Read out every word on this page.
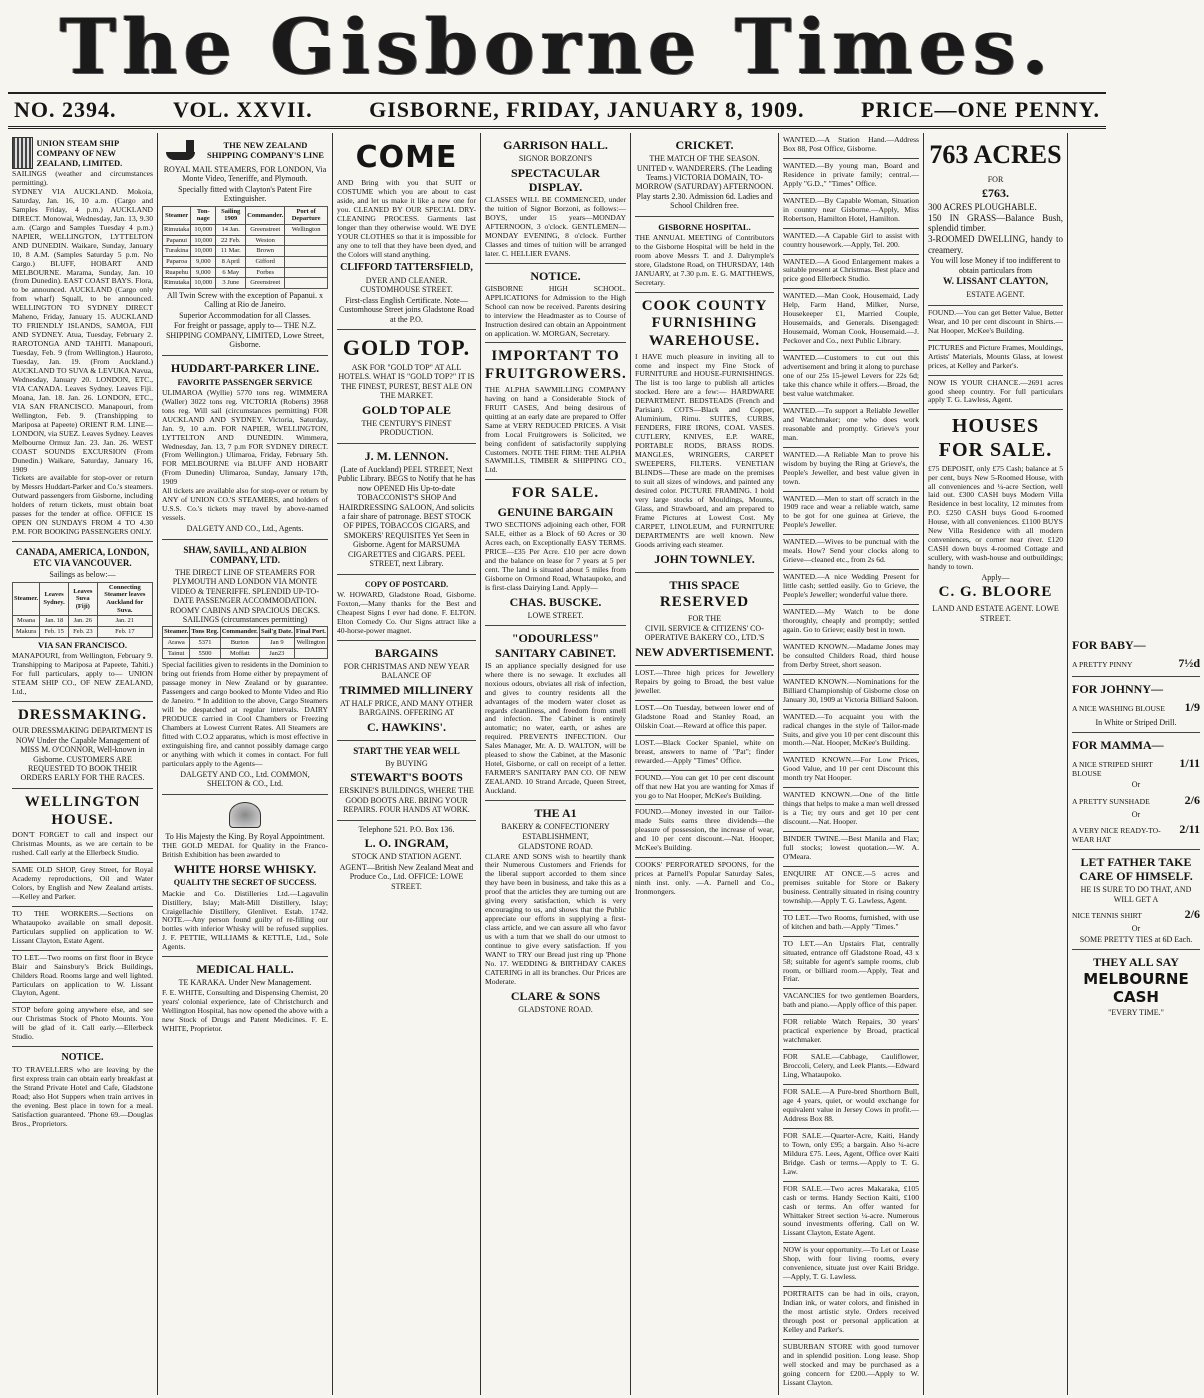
The Gisborne Times.
NO. 2394.	VOL. XXVII.	GISBORNE, FRIDAY, JANUARY 8, 1909.	PRICE—ONE PENNY.
UNION STEAM SHIP COMPANY OF NEW ZEALAND, LIMITED.
SAILINGS (weather and circumstances permitting).
SYDNEY VIA AUCKLAND. Mokoia, Saturday, Jan. 16, 10 a.m. (Cargo and Samples Friday, 4 p.m.) AUCKLAND DIRECT. Monowai, Wednesday, Jan. 13, 9.30 a.m. (Cargo and Samples Tuesday 4 p.m.) NAPIER, WELLINGTON, LYTTELTON AND DUNEDIN. Waikare, Sunday, January 10, 8 A.M. (Samples Saturday 5 p.m. No Cargo.) BLUFF, HOBART AND MELBOURNE. Marama, Sunday, Jan. 10 (from Dunedin). EAST COAST BAYS. Flora, to be announced. AUCKLAND (Cargo only from wharf) Squall, to be announced. WELLINGTON TO SYDNEY DIRECT Maheno, Friday, January 15. AUCKLAND TO FRIENDLY ISLANDS, SAMOA, FIJI AND SYDNEY. Atua, Tuesday, February 2. RAROTONGA AND TAHITI. Manapouri, Tuesday, Feb. 9 (from Wellington.) Hauroto, Tuesday, Jan. 19. (From Auckland.) AUCKLAND TO SUVA & LEVUKA Navua, Wednesday, January 20. LONDON, ETC., VIA CANADA. Leaves Sydney. Leaves Fiji. Moana, Jan. 18. Jan. 26. LONDON, ETC., VIA SAN FRANCISCO. Manapouri, from Wellington, Feb. 9. (Transhipping to Mariposa at Papeete) ORIENT R.M. LINE—LONDON, via SUEZ. Leaves Sydney. Leaves Melbourne Ormuz Jan. 23. Jan. 26. WEST COAST SOUNDS EXCURSION (From Dunedin.) Waikare, Saturday, January 16, 1909
Tickets are available for stop-over or return by Messrs Huddart-Parker and Co.'s steamers. Outward passengers from Gisborne, including holders of return tickets, must obtain boat passes for the tender at office. OFFICE IS OPEN ON SUNDAYS FROM 4 TO 4.30 P.M. FOR BOOKING PASSENGERS ONLY.
CANADA, AMERICA, LONDON, ETC VIA VANCOUVER.
Sailings as below:—
Steamer.	Leaves Sydney.	Leaves Suva (Fiji)	Connecting Steamer leaves Auckland for Suva.
Moana	Jan. 18	Jan. 26	Jan. 21
Makura	Feb. 15	Feb. 23	Feb. 17
VIA SAN FRANCISCO.
MANAPOURI, from Wellington, February 9. Transhipping to Mariposa at Papeete, Tahiti.) For full particulars, apply to— UNION STEAM SHIP CO., OF NEW ZEALAND, Ltd.,
DRESSMAKING.
OUR DRESSMAKING DEPARTMENT IS NOW Under the Capable Management of MISS M. O'CONNOR, Well-known in Gisborne. CUSTOMERS ARE REQUESTED TO BOOK THEIR ORDERS EARLY FOR THE RACES.
WELLINGTON HOUSE.
DON'T FORGET to call and inspect our Christmas Mounts, as we are certain to be rushed. Call early at the Ellerbeck Studio.
SAME OLD SHOP, Grey Street, for Royal Academy reproductions, Oil and Water Colors, by English and New Zealand artists.—Kelley and Parker.
TO THE WORKERS.—Sections on Whataupoko available on small deposit. Particulars supplied on application to W. Lissant Clayton, Estate Agent.
TO LET.—Two rooms on first floor in Bryce Blair and Sainsbury's Brick Buildings, Childers Road. Rooms large and well lighted. Particulars on application to W. Lissant Clayton, Agent.
STOP before going anywhere else, and see our Christmas Stock of Photo Mounts. You will be glad of it. Call early.—Ellerbeck Studio.
NOTICE.
TO TRAVELLERS who are leaving by the first express train can obtain early breakfast at the Strand Private Hotel and Cafe, Gladstone Road; also Hot Suppers when train arrives in the evening. Best place in town for a meal. Satisfaction guaranteed. 'Phone 69.—Douglas Bros., Proprietors.
THE NEW ZEALAND SHIPPING COMPANY'S LINE
ROYAL MAIL STEAMERS, FOR LONDON, Via Monte Video, Teneriffe, and Plymouth.
Specially fitted with Clayton's Patent Fire Extinguisher.
Steamer	Ton-nage	Sailing 1909	Commander.	Port of Departure
Rimutaka	10,000	14 Jan.	Greenstreet	Wellington
Papanui	10,000	22 Feb.	Weston	
Turakina	10,000	11 Mar.	Brown	
Paparoa	9,000	8 April	Gifford	
Ruapehu	9,000	6 May	Forbes	
Rimutaka	10,000	3 June	Greenstreet	
All Twin Screw with the exception of Papanui. x Calling at Rio de Janeiro.
Superior Accommodation for all Classes.
For freight or passage, apply to— THE N.Z. SHIPPING COMPANY, LIMITED, Lowe Street, Gisborne.
HUDDART-PARKER LINE.
FAVORITE PASSENGER SERVICE
ULIMAROA (Wyllie) 5770 tons reg. WIMMERA (Waller) 3022 tons reg. VICTORIA (Roberts) 3968 tons reg. Will sail (circumstances permitting) FOR AUCKLAND AND SYDNEY. Victoria, Saturday, Jan. 9, 10 a.m. FOR NAPIER, WELLINGTON, LYTTELTON AND DUNEDIN. Wimmera, Wednesday, Jan. 13, 7 p.m FOR SYDNEY DIRECT. (From Wellington.) Ulimaroa, Friday, February 5th. FOR MELBOURNE via BLUFF AND HOBART (From Dunedin) Ulimaroa, Sunday, January 17th, 1909
All tickets are available also for stop-over or return by ANY of UNION CO.'S STEAMERS, and holders of U.S.S. Co.'s tickets may travel by above-named vessels.
DALGETY AND CO., Ltd., Agents.
SHAW, SAVILL, AND ALBION COMPANY, LTD.
THE DIRECT LINE OF STEAMERS FOR PLYMOUTH AND LONDON VIA MONTE VIDEO & TENERIFFE. SPLENDID UP-TO-DATE PASSENGER ACCOMMODATION. ROOMY CABINS AND SPACIOUS DECKS. SAILINGS (circumstances permitting)
Steamer.	Tons Reg.	Commander.	Sail'g Date.	Final Port.
Arawa	5371	Burton	Jan 9	Wellington
Tainui	5500	Moffatt	Jan23	
Special facilities given to residents in the Dominion to bring out friends from Home either by prepayment of passage money in New Zealand or by guarantee. Passengers and cargo booked to Monte Video and Rio de Janeiro. * In addition to the above, Cargo Steamers will be despatched at regular intervals. DAIRY PRODUCE carried in Cool Chambers or Freezing Chambers at Lowest Current Rates. All Steamers are fitted with C.O.2 apparatus, which is most effective in extinguishing fire, and cannot possibly damage cargo or anything with which it comes in contact. For full particulars apply to the Agents—
DALGETY AND CO., Ltd. COMMON, SHELTON & CO., Ltd.
To His Majesty the King. By Royal Appointment.
THE GOLD MEDAL for Quality in the Franco-British Exhibition has been awarded to
WHITE HORSE WHISKY.
QUALITY THE SECRET OF SUCCESS.
Mackie and Co. Distilleries Ltd.—Lagavulin Distillery, Islay; Malt-Mill Distillery, Islay; Craigellachie Distillery, Glenlivet. Estab. 1742. NOTE.—Any person found guilty of re-filling our bottles with inferior Whisky will be refused supplies. J. F. PETTIE, WILLIAMS & KETTLE, Ltd., Sole Agents.
MEDICAL HALL.
TE KARAKA. Under New Management.
F. E. WHITE, Consulting and Dispensing Chemist, 20 years' colonial experience, late of Christchurch and Wellington Hospital, has now opened the above with a new Stock of Drugs and Patent Medicines. F. E. WHITE, Proprietor.
COME
AND Bring with you that SUIT or COSTUME which you are about to cast aside, and let us make it like a new one for you. CLEANED BY OUR SPECIAL DRY-CLEANING PROCESS. Garments last longer than they otherwise would. WE DYE YOUR CLOTHES so that it is impossible for any one to tell that they have been dyed, and the Colors will stand anything.
CLIFFORD TATTERSFIELD,
DYER AND CLEANER. CUSTOMHOUSE STREET.
First-class English Certificate. Note—Customhouse Street joins Gladstone Road at the P.O.
GOLD TOP.
ASK FOR "GOLD TOP" AT ALL HOTELS. WHAT IS "GOLD TOP?" IT IS THE FINEST, PUREST, BEST ALE ON THE MARKET.
GOLD TOP ALE
THE CENTURY'S FINEST PRODUCTION.
J. M. LENNON.
(Late of Auckland) PEEL STREET, Next Public Library. BEGS to Notify that he has now OPENED His Up-to-date TOBACCONIST'S SHOP And HAIRDRESSING SALOON, And solicits a fair share of patronage. BEST STOCK OF PIPES, TOBACCOS CIGARS, and SMOKERS' REQUISITES Yet Seen in Gisborne. Agent for MARSUMA CIGARETTES and CIGARS. PEEL STREET, next Library.
COPY OF POSTCARD.
W. HOWARD, Gladstone Road, Gisborne. Foxton,—Many thanks for the Best and Cheapest Signs I ever had done. F. ELTON. Elton Comedy Co. Our Signs attract like a 40-horse-power magnet.
BARGAINS
FOR CHRISTMAS AND NEW YEAR BALANCE OF
TRIMMED MILLINERY
AT HALF PRICE, AND MANY OTHER BARGAINS. OFFERING AT
C. HAWKINS'.
START THE YEAR WELL
By BUYING
STEWART'S BOOTS
ERSKINE'S BUILDINGS, WHERE THE GOOD BOOTS ARE. BRING YOUR REPAIRS. FOUR HANDS AT WORK.
Telephone 521. P.O. Box 136.
L. O. INGRAM,
STOCK AND STATION AGENT.
AGENT—British New Zealand Meat and Produce Co., Ltd. OFFICE: LOWE STREET.
GARRISON HALL.
SIGNOR BORZONI'S
SPECTACULAR DISPLAY.
CLASSES WILL BE COMMENCED, under the tuition of Signor Borzoni, as follows:— BOYS, under 15 years—MONDAY AFTERNOON, 3 o'clock. GENTLEMEN—MONDAY EVENING, 8 o'clock. Further Classes and times of tuition will be arranged later. C. HELLIER EVANS.
NOTICE.
GISBORNE HIGH SCHOOL. APPLICATIONS for Admission to the High School can now be received. Parents desiring to interview the Headmaster as to Course of Instruction desired can obtain an Appointment on application. W. MORGAN, Secretary.
IMPORTANT TO FRUITGROWERS.
THE ALPHA SAWMILLING COMPANY having on hand a Considerable Stock of FRUIT CASES, And being desirous of quitting at an early date are prepared to Offer Same at VERY REDUCED PRICES. A Visit from Local Fruitgrowers is Solicited, we being confident of satisfactorily supplying Customers. NOTE THE FIRM: THE ALPHA SAWMILLS, TIMBER & SHIPPING CO., Ltd.
FOR SALE.
GENUINE BARGAIN
TWO SECTIONS adjoining each other, FOR SALE, either as a Block of 60 Acres or 30 Acres each, on Exceptionally EASY TERMS. PRICE—£35 Per Acre. £10 per acre down and the balance on lease for 7 years at 5 per cent. The land is situated about 5 miles from Gisborne on Ormond Road, Whataupoko, and is first-class Dairying Land. Apply—
CHAS. BUSCKE.
LOWE STREET.
"ODOURLESS" SANITARY CABINET.
IS an appliance specially designed for use where there is no sewage. It excludes all noxious odours, obviates all risk of infection, and gives to country residents all the advantages of the modern water closet as regards cleanliness, and freedom from smell and infection. The Cabinet is entirely automatic; no water, earth, or ashes are required. PREVENTS INFECTION. Our Sales Manager, Mr. A. D. WALTON, will be pleased to show the Cabinet, at the Masonic Hotel, Gisborne, or call on receipt of a letter. FARMER'S SANITARY PAN CO. OF NEW ZEALAND. 10 Strand Arcade, Queen Street, Auckland.
THE A1
BAKERY & CONFECTIONERY ESTABLISHMENT,
GLADSTONE ROAD.
CLARE AND SONS wish to heartily thank their Numerous Customers and Friends for the liberal support accorded to them since they have been in business, and take this as a proof that the articles they are turning out are giving every satisfaction, which is very encouraging to us, and shows that the Public appreciate our efforts in supplying a first-class article, and we can assure all who favor us with a turn that we shall do our utmost to continue to give every satisfaction. If you WANT to TRY our Bread just ring up 'Phone No. 17. WEDDING & BIRTHDAY CAKES CATERING in all its branches. Our Prices are Moderate.
CLARE & SONS
GLADSTONE ROAD.
CRICKET.
THE MATCH OF THE SEASON. UNITED v. WANDERERS. (The Leading Teams.) VICTORIA DOMAIN, TO-MORROW (SATURDAY) AFTERNOON. Play starts 2.30. Admission 6d. Ladies and School Children free.
GISBORNE HOSPITAL.
THE ANNUAL MEETING of Contributors to the Gisborne Hospital will be held in the room above Messrs T. and J. Dalrymple's store, Gladstone Road, on THURSDAY, 14th JANUARY, at 7.30 p.m. E. G. MATTHEWS, Secretary.
COOK COUNTY FURNISHING WAREHOUSE.
I HAVE much pleasure in inviting all to come and inspect my Fine Stock of FURNITURE and HOUSE-FURNISHINGS. The list is too large to publish all articles stocked. Here are a few:— HARDWARE DEPARTMENT. BEDSTEADS (French and Parisian). COTS—Black and Copper, Aluminium, Rimu. SUITES, CURBS, FENDERS, FIRE IRONS, COAL VASES. CUTLERY, KNIVES, E.P. WARE, PORTABLE RODS, BRASS RODS. MANGLES, WRINGERS, CARPET SWEEPERS, FILTERS. VENETIAN BLINDS—These are made on the premises to suit all sizes of windows, and painted any desired color. PICTURE FRAMING. I hold very large stocks of Mouldings, Mounts, Glass, and Strawboard, and am prepared to Frame Pictures at Lowest Cost. My CARPET, LINOLEUM, and FURNITURE DEPARTMENTS are well known. New Goods arriving each steamer.
JOHN TOWNLEY.
THIS SPACE
RESERVED
FOR THE
CIVIL SERVICE & CITIZENS' CO-OPERATIVE BAKERY CO., LTD.'S
NEW ADVERTISEMENT.
LOST.—Three high prices for Jewellery Repairs by going to Broad, the best value jeweller.
LOST.—On Tuesday, between lower end of Gladstone Road and Stanley Road, an Oilskin Coat.—Reward at office this paper.
LOST.—Black Cocker Spaniel, white on breast, answers to name of "Pat"; finder rewarded.—Apply "Times" Office.
FOUND.—You can get 10 per cent discount off that new Hat you are wanting for Xmas if you go to Nat Hooper, McKee's Building.
FOUND.—Money invested in our Tailor-made Suits earns three dividends—the pleasure of possession, the increase of wear, and 10 per cent discount.—Nat. Hooper, McKee's Building.
COOKS' PERFORATED SPOONS, for the prices at Parnell's Popular Saturday Sales, ninth inst. only. —A. Parnell and Co., Ironmongers.
WANTED.—A Station Hand.—Address Box 88, Post Office, Gisborne.
WANTED.—By young man, Board and Residence in private family; central.—Apply "G.D.," "Times" Office.
WANTED.—By Capable Woman, Situation in country near Gisborne.—Apply, Miss Robertson, Hamilton Hotel, Hamilton.
WANTED.—A Capable Girl to assist with country housework.—Apply, Tel. 200.
WANTED.—A Good Enlargement makes a suitable present at Christmas. Best place and price good Ellerbeck Studio.
WANTED.—Man Cook, Housemaid, Lady Help, Farm Hand, Milker, Nurse, Housekeeper £1, Married Couple, Housemaids, and Generals. Disengaged: Housemaid, Woman Cook, Housemaid.—J. Peckover and Co., next Public Library.
WANTED.—Customers to cut out this advertisement and bring it along to purchase one of our 25s 15-jewel Levers for 22s 6d; take this chance while it offers.—Broad, the best value watchmaker.
WANTED.—To support a Reliable Jeweller and Watchmaker; one who does work reasonable and promptly. Grieve's your man.
WANTED.—A Reliable Man to prove his wisdom by buying the Ring at Grieve's, the People's Jeweller, and best value given in town.
WANTED.—Men to start off scratch in the 1909 race and wear a reliable watch, same to be got for one guinea at Grieve, the People's Jeweller.
WANTED.—Wives to be punctual with the meals. How? Send your clocks along to Grieve—cleaned etc., from 2s 6d.
WANTED.—A nice Wedding Present for little cash; settled easily. Go to Grieve, the People's Jeweller; wonderful value there.
WANTED.—My Watch to be done thoroughly, cheaply and promptly; settled again. Go to Grieve; easily best in town.
WANTED KNOWN.—Madame Jones may be consulted Childers Road, third house from Derby Street, short season.
WANTED KNOWN.—Nominations for the Billiard Championship of Gisborne close on January 30, 1909 at Victoria Billiard Saloon.
WANTED.—To acquaint you with the radical changes in the style of Tailor-made Suits, and give you 10 per cent discount this month.—Nat. Hooper, McKee's Building.
WANTED KNOWN.—For Low Prices, Good Value, and 10 per cent Discount this month try Nat Hooper.
WANTED KNOWN.—One of the little things that helps to make a man well dressed is a Tie; try ours and get 10 per cent discount.—Nat. Hooper.
BINDER TWINE.—Best Manila and Flax; full stocks; lowest quotation.—W. A. O'Meara.
ENQUIRE AT ONCE.—5 acres and premises suitable for Store or Bakery business. Centrally situated in rising country township.—Apply T. G. Lawless, Agent.
TO LET.—Two Rooms, furnished, with use of kitchen and bath.—Apply "Times."
TO LET.—An Upstairs Flat, centrally situated, entrance off Gladstone Road, 43 x 58; suitable for agent's sample rooms, club room, or billiard room.—Apply, Teat and Friar.
VACANCIES for two gentlemen Boarders, bath and piano.—Apply office of this paper.
FOR reliable Watch Repairs, 30 years' practical experience by Broad, practical watchmaker.
FOR SALE.—Cabbage, Cauliflower, Broccoli, Celery, and Leek Plants.—Edward Ling, Whataupoko.
FOR SALE.—A Pure-bred Shorthorn Bull, age 4 years, quiet, or would exchange for equivalent value in Jersey Cows in profit.—Address Box 88.
FOR SALE.—Quarter-Acre, Kaiti, Handy to Town, only £95; a bargain. Also ¼-acre Mildura £75. Lees, Agent, Office over Kaiti Bridge. Cash or terms.—Apply to T. G. Law.
FOR SALE.—Two acres Makaraka, £105 cash or terms. Handy Section Kaiti, £100 cash or terms. An offer wanted for Whittaker Street section ¼-acre. Numerous sound investments offering. Call on W. Lissant Clayton, Estate Agent.
NOW is your opportunity.—To Let or Lease Shop, with four living rooms, every convenience, situate just over Kaiti Bridge.—Apply, T. G. Lawless.
PORTRAITS can be had in oils, crayon, Indian ink, or water colors, and finished in the most artistic style. Orders received through post or personal application at Kelley and Parker's.
SUBURBAN STORE with good turnover and in splendid position. Long lease. Shop well stocked and may be purchased as a going concern for £200.—Apply to W. Lissant Clayton.
763 ACRES
FOR
£763.
300 ACRES PLOUGHABLE.
150 IN GRASS—Balance Bush, splendid timber.
3-ROOMED DWELLING, handy to creamery.
You will lose Money if too indifferent to obtain particulars from
W. LISSANT CLAYTON,
ESTATE AGENT.
FOUND.—You can get Better Value, Better Wear, and 10 per cent discount in Shirts.—Nat Hooper, McKee's Building.
PICTURES and Picture Frames, Mouldings, Artists' Materials, Mounts Glass, at lowest prices, at Kelley and Parker's.
NOW IS YOUR CHANCE.—2691 acres good sheep country. For full particulars apply T. G. Lawless, Agent.
HOUSES FOR SALE.
£75 DEPOSIT, only £75 Cash; balance at 5 per cent, buys New 5-Roomed House, with all conveniences and ¼-acre Section, well laid out. £300 CASH buys Modern Villa Residence in best locality, 12 minutes from P.O. £250 CASH buys Good 6-roomed House, with all conveniences. £1100 BUYS New Villa Residence with all modern conveniences, or corner near river. £120 CASH down buys 4-roomed Cottage and scullery, with wash-house and outbuildings; handy to town.
Apply—
C. G. BLOORE
LAND AND ESTATE AGENT. LOWE STREET.
FOR BABY—
A PRETTY PINNY	7½d
FOR JOHNNY—
A NICE WASHING BLOUSE 1/9
In White or Striped Drill.
FOR MAMMA—
A NICE STRIPED SHIRT BLOUSE
1/11
Or
A PRETTY SUNSHADE	2/6
Or
A VERY NICE READY-TO-WEAR HAT
2/11
LET FATHER TAKE CARE OF HIMSELF.
HE IS SURE TO DO THAT, AND WILL GET A
NICE TENNIS SHIRT	2/6
Or
SOME PRETTY TIES at 6D Each.
THEY ALL SAY
MELBOURNE CASH
"EVERY TIME."
